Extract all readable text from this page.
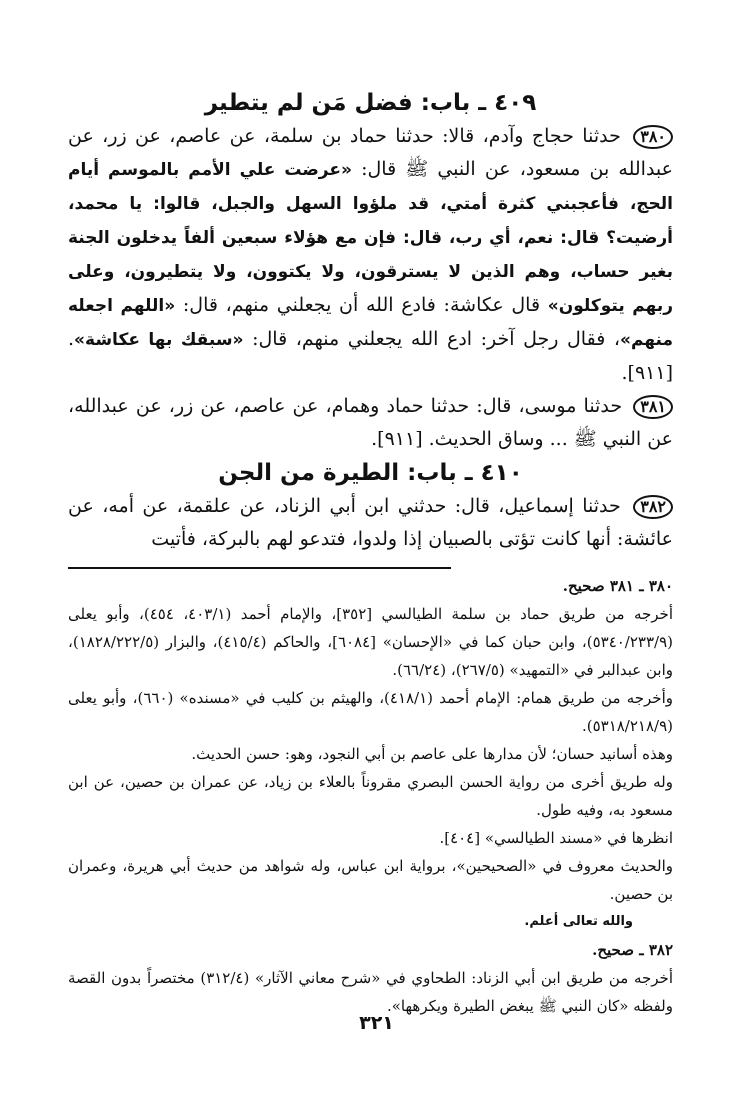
٤٠٩ ـ باب: فضل مَن لم يتطير

٣٨٠ حدثنا حجاج وآدم، قالا: حدثنا حماد بن سلمة، عن عاصم، عن زر، عن عبدالله بن مسعود، عن النبي ﷺ قال: «عرضت علي الأمم بالموسم أيام الحج، فأعجبني كثرة أمتي، قد ملؤوا السهل والجبل، قالوا: يا محمد، أرضيت؟ قال: نعم، أي رب، قال: فإن مع هؤلاء سبعين ألفاً يدخلون الجنة بغير حساب، وهم الذين لا يسترقون، ولا يكتوون، ولا يتطيرون، وعلى ربهم يتوكلون» قال عكاشة: فادع الله أن يجعلني منهم، قال: «اللهم اجعله منهم»، فقال رجل آخر: ادع الله يجعلني منهم، قال: «سبقك بها عكاشة». [٩١١].

٣٨١ حدثنا موسى، قال: حدثنا حماد وهمام، عن عاصم، عن زر، عن عبدالله، عن النبي ﷺ ... وساق الحديث. [٩١١].

٤١٠ ـ باب: الطيرة من الجن

٣٨٢ حدثنا إسماعيل، قال: حدثني ابن أبي الزناد، عن علقمة، عن أمه، عن عائشة: أنها كانت تؤتى بالصبيان إذا ولدوا، فتدعو لهم بالبركة، فأتيت

٣٨٠ ـ ٣٨١ صحيح.

أخرجه من طريق حماد بن سلمة الطيالسي [٣٥٢]، والإمام أحمد (٤٠٣/١، ٤٥٤)، وأبو يعلى (٥٣٤٠/٢٣٣/٩)، وابن حبان كما في «الإحسان» [٦٠٨٤]، والحاكم (٤١٥/٤)، والبزار (١٨٢٨/٢٢٢/٥)، وابن عبدالبر في «التمهيد» (٢٦٧/٥)، (٦٦/٢٤).

وأخرجه من طريق همام: الإمام أحمد (٤١٨/١)، والهيثم بن كليب في «مسنده» (٦٦٠)، وأبو يعلى (٥٣١٨/٢١٨/٩).

وهذه أسانيد حسان؛ لأن مدارها على عاصم بن أبي النجود، وهو: حسن الحديث.

وله طريق أخرى من رواية الحسن البصري مقروناً بالعلاء بن زياد، عن عمران بن حصين، عن ابن مسعود به، وفيه طول.

انظرها في «مسند الطيالسي» [٤٠٤].

والحديث معروف في «الصحيحين»، برواية ابن عباس، وله شواهد من حديث أبي هريرة، وعمران بن حصين.

والله تعالى أعلم.

٣٨٢ ـ صحيح.

أخرجه من طريق ابن أبي الزناد: الطحاوي في «شرح معاني الآثار» (٣١٢/٤) مختصراً بدون القصة ولفظه «كان النبي ﷺ يبغض الطيرة ويكرهها».

٣٢١
